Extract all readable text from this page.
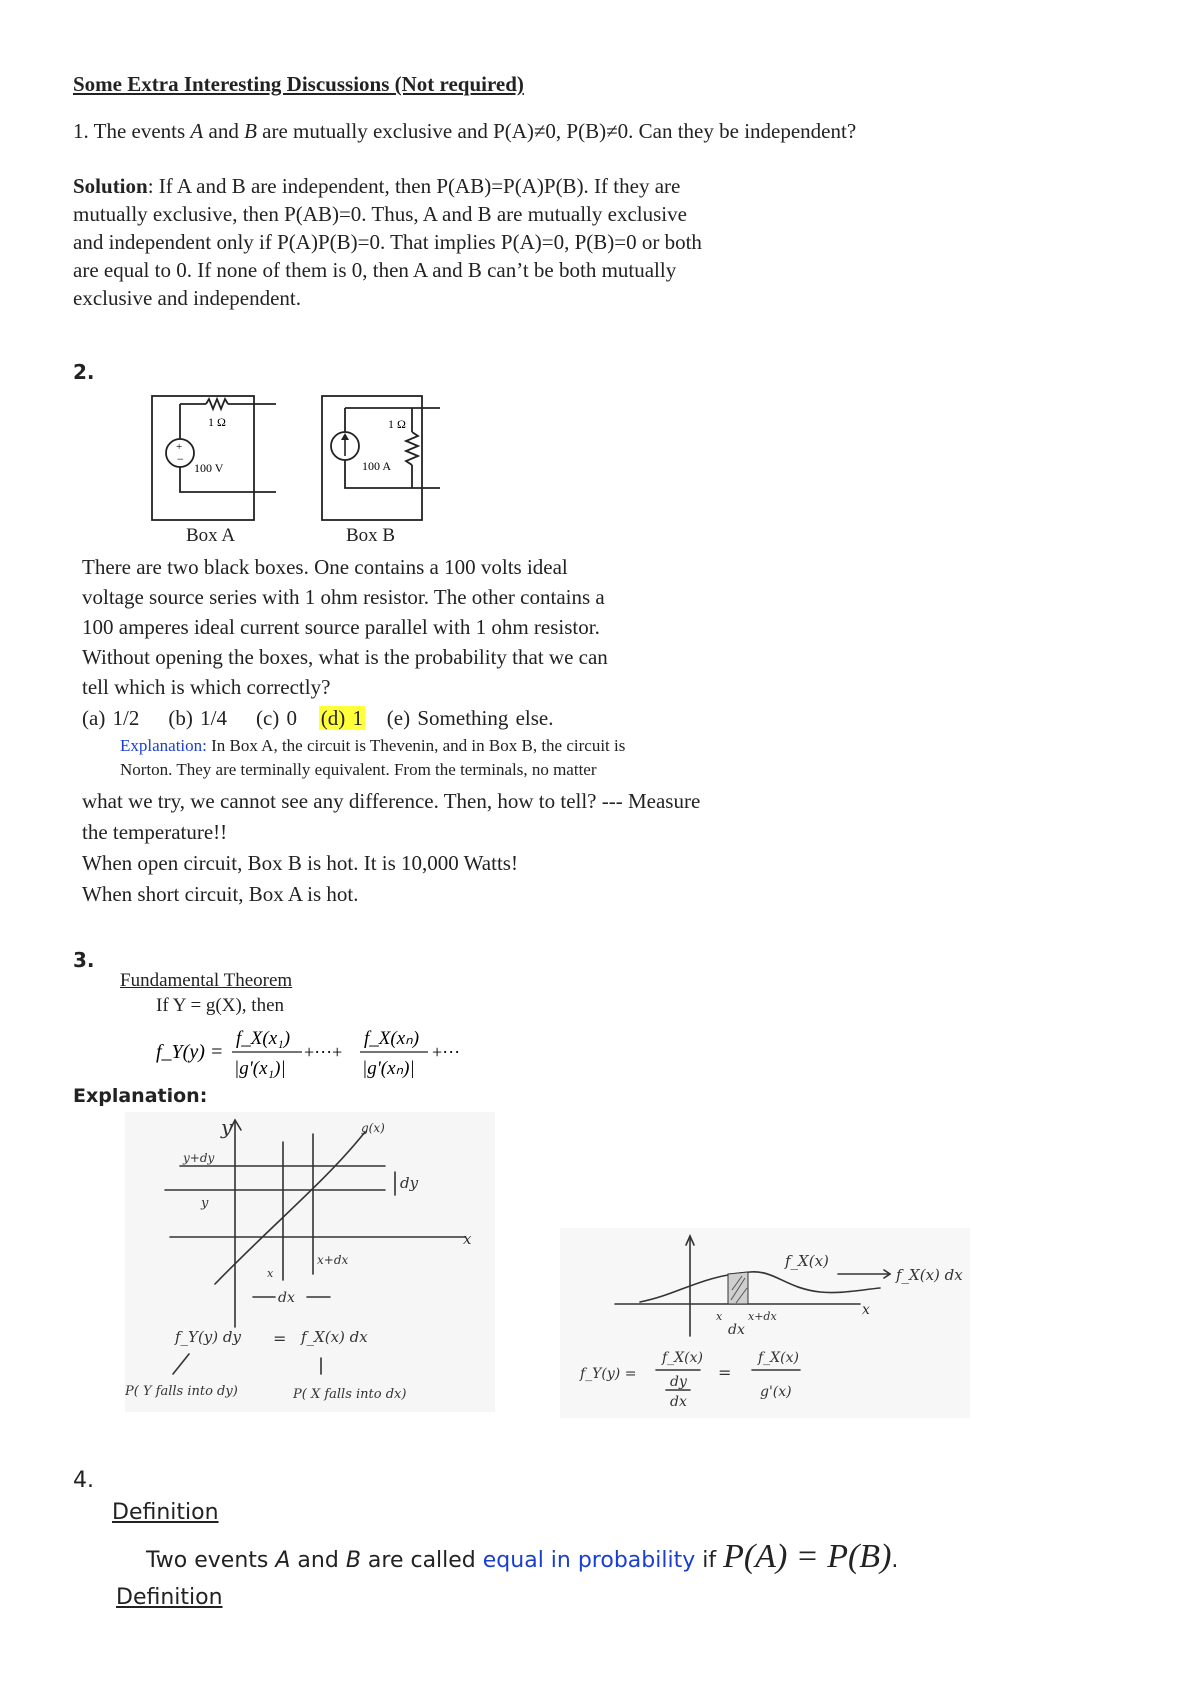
Some Extra Interesting Discussions (Not required)
1. The events A and B are mutually exclusive and P(A)≠0, P(B)≠0. Can they be independent?
Solution: If A and B are independent, then P(AB)=P(A)P(B). If they are
mutually exclusive, then P(AB)=0. Thus, A and B are mutually exclusive
and independent only if P(A)P(B)=0. That implies P(A)=0, P(B)=0 or both
are equal to 0. If none of them is 0, then A and B can’t be both mutually
exclusive and independent.
2.
+
−
1 Ω
100 V
1 Ω
100 A
Box A	Box B
There are two black boxes. One contains a 100 volts ideal
voltage source series with 1 ohm resistor. The other contains a
100 amperes ideal current source parallel with 1 ohm resistor.
Without opening the boxes, what is the probability that we can
tell which is which correctly?
(a) 1/2 (b) 1/4 (c) 0 (d) 1 (e) Something else.
Explanation: In Box A, the circuit is Thevenin, and in Box B, the circuit is
Norton. They are terminally equivalent. From the terminals, no matter
what we try, we cannot see any difference. Then, how to tell? --- Measure
the temperature!!
When open circuit, Box B is hot. It is 10,000 Watts!
When short circuit, Box A is hot.
3.
Fundamental Theorem
If Y = g(X), then
f_Y(y) =
f_X(x₁)
|g'(x₁)|
+···+
f_X(xₙ)
|g'(xₙ)|
+···
Explanation:
y
x
y+dy
y
g(x)
dy
x
x+dx
dx
f_Y(y) dy = f_X(x) dx
P( Y falls into dy)	P( X falls into dx)
x
f_X(x)
f_X(x) dx
x x+dx
dx
f_Y(y) =
f_X(x)
dy
dx
=
f_X(x)
g'(x)
4.
Definition
Two events A and B are called equal in probability if P(A) = P(B).
Definition
